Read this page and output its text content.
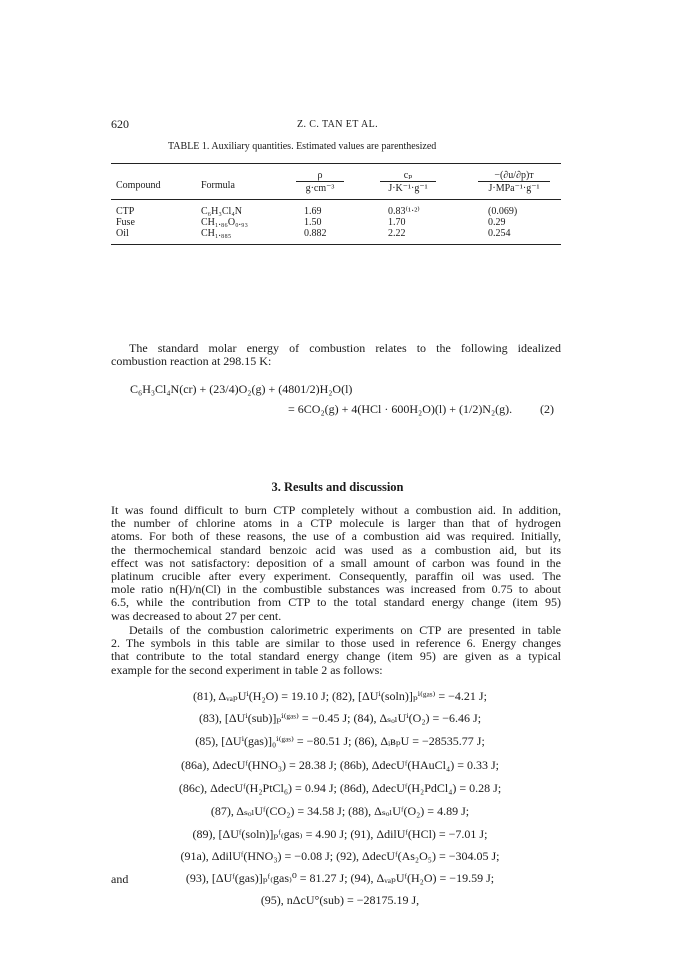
620	Z. C. TAN ET AL.
TABLE 1. Auxiliary quantities. Estimated values are parenthesized
Compound	Formula	$\frac{\rho}{\text{g·cm⁻³}}$	$\frac{\text{cₚ}}{\text{J·K⁻¹·g⁻¹}}$	−(∂u/∂p)ᴛ
J·MPa⁻¹·g⁻¹
CTP	C₆H₃Cl₄N	1.69	0.83⁽¹·²⁾	(0.069)
Fuse	CH₁.₈₆O₀.₉₃	1.50	1.70	0.29
Oil	CH₁.₈₈₅	0.882	2.22	0.254
The standard molar energy of combustion relates to the following idealized
combustion reaction at 298.15 K:
C₆H₃Cl₄N(cr) + (23/4)O₂(g) + (4801/2)H₂O(l)
= 6CO₂(g) + 4(HCl · 600H₂O)(l) + (1/2)N₂(g). (2)
3. Results and discussion
It was found difficult to burn CTP completely without a combustion aid. In addition,
the number of chlorine atoms in a CTP molecule is larger than that of hydrogen
atoms. For both of these reasons, the use of a combustion aid was required. Initially,
the thermochemical standard benzoic acid was used as a combustion aid, but its
effect was not satisfactory: deposition of a small amount of carbon was found in the
platinum crucible after every experiment. Consequently, paraffin oil was used. The
mole ratio n(H)/n(Cl) in the combustible substances was increased from 0.75 to about
6.5, while the contribution from CTP to the total standard energy change (item 95)
was decreased to about 27 per cent.
Details of the combustion calorimetric experiments on CTP are presented in table
2. The symbols in this table are similar to those used in reference 6. Energy changes
that contribute to the total standard energy change (item 95) are given as a typical
example for the second experiment in table 2 as follows:
(81), ΔᵥₐₚUⁱ(H₂O) = 19.10 J; (82), [ΔUⁱ(soln)]ₚⁱ⁽ᵍᵃˢ⁾ = −4.21 J;
(83), [ΔUⁱ(sub)]ₚⁱ⁽ᵍᵃˢ⁾ = −0.45 J; (84), ΔₛₒₗUⁱ(O₂) = −6.46 J;
(85), [ΔUⁱ(gas)]₀ⁱ⁽ᵍᵃˢ⁾ = −80.51 J; (86), ΔᵢʙₚU = −28535.77 J;
(86a), ΔdecUᶠ(HNO₃) = 28.38 J; (86b), ΔdecUᶠ(HAuCl₄) = 0.33 J;
(86c), ΔdecUᶠ(H₂PtCl₆) = 0.94 J; (86d), ΔdecUᶠ(H₂PdCl₄) = 0.28 J;
(87), ΔₛₒₗUᶠ(CO₂) = 34.58 J; (88), ΔₛₒₗUᶠ(O₂) = 4.89 J;
(89), [ΔUᶠ(soln)]ₚᶠ₍gas₎ = 4.90 J; (91), ΔdilUᶠ(HCl) = −7.01 J;
(91a), ΔdilUᶠ(HNO₃) = −0.08 J; (92), ΔdecUᶠ(As₂O₅) = −304.05 J;
(93), [ΔUᶠ(gas)]ₚᶠ₍gas₎⁰ = 81.27 J; (94), ΔᵥₐₚUᶠ(H₂O) = −19.59 J;
and
(95), nΔcU°(sub) = −28175.19 J,
